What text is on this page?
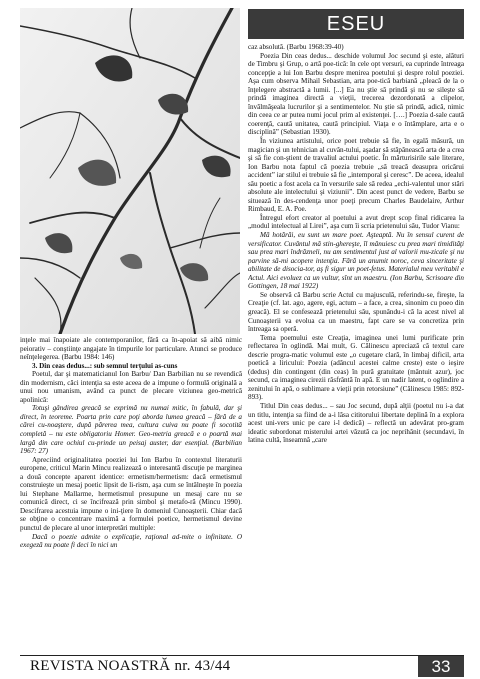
inţele mai înapoiate ale contemporanilor, fără ca în-apoiat să aibă nimic peiorativ – conştiinţe angajate în timpurile lor particulare. Atunci se produce neînţelegerea. (Barbu 1984: 146)

3. Din ceas dedus...: sub semnul terţului as-cuns

Poetul, dar şi matematicianul Ion Barbu/ Dan Barbilian nu se revendică din modernism, căci intenţia sa este aceea de a impune o formulă originală a unui nou umanism, având ca punct de plecare viziunea geo-metrică apolinică:

Totuşi gândirea greacă se exprimă nu numai mitic, în fabulă, dar şi direct, în teoreme. Poarta prin care poţi aborda lumea greacă – fără de a cărei cu-noaştere, după părerea mea, cultura cuiva nu poate fi socotită completă – nu este obligatoriu Homer. Geo-metria greacă e o poartă mai largă din care ochiul cu-prinde un peisaj auster, dar esenţial. (Barbilian 1967: 27)

Apreciind originalitatea poeziei lui Ion Barbu în contextul literaturii europene, criticul Marin Mincu realizează o interesantă discuţie pe marginea a două concepte aparent identice: ermetism/hermetism: dacă ermetismul construieşte un mesaj poetic lipsit de li-rism, aşa cum se întâlneşte în poezia lui Stephane Mallarme, hermetismul presupune un mesaj care nu se comunică direct, ci se încifrează prin simbol şi metafo-ră (Mincu 1990). Descifrarea acestuia impune o ini-ţiere în domeniul Cunoaşterii. Chiar dacă se obţine o concentrare maximă a formulei poetice, hermetismul devine punctul de plecare al unor interpretări multiple:

Dacă o poezie admite o explicaţie, raţional ad-mite o infinitate. O exegeză nu poate fi deci în nici un

ESEU

caz absolută. (Barbu 1968:39-40)

Poezia Din ceas dedus... deschide volumul Joc secund şi este, alături de Timbru şi Grup, o artă poe-tică: în cele opt versuri, ea cuprinde întreaga concepţie a lui Ion Barbu despre menirea poetului şi despre rolul poeziei. Aşa cum observa Mihail Sebastian, arta poe-tică barbiană „pleacă de la o înţelegere abstractă a lumii. [...] Ea nu ştie să prindă şi nu se sileşte să prindă imaginea directă a vieţii, trecerea dezordonată a clipelor, învălmăşeala lucrurilor şi a sentimentelor. Nu ştie să prindă, adică, nimic din ceea ce ar putea numi jocul prim al existenţei. [….] Poezia d-sale caută coerenţă, caută unitatea, caută principiul. Viaţa e o întâmplare, arta e o disciplină” (Sebastian 1930).

În viziunea artistului, orice poet trebuie să fie, în egală măsură, un magician şi un tehnician al cuvân-tului, aşadar să stăpânească arta de a crea şi să fie con-ştient de travaliul actului poetic. În mărturisirile sale literare, Ion Barbu nota faptul că poezia trebuie „să treacă deasupra oricărui accident” iar stilul ei trebuie să fie „intemporal şi ceresc”. De aceea, idealul său poetic a fost acela ca în versurile sale să redea „echi-valentul unor stări absolute ale intelectului şi viziunii”. Din acest punct de vedere, Barbu se situează în des-cendenţa unor poeţi precum Charles Baudelaire, Arthur Rimbaud, E. A. Poe.

Întregul efort creator al poetului a avut drept scop final ridicarea la „modul intelectual al Lirei”, aşa cum îi scria prietenului său, Tudor Vianu:

Mă hotărăi, eu sunt un mare poet. Aşteaptă. Nu în sensul curent de versificator. Cuvântul mă stin-ghereşte, îl mânuiesc cu prea mari timidităţi sau prea mari îndrăzneli, nu am sentimentul just al valorii mu-zicale şi nu parvine să-mi acopere intenţia. Fără un anumit noroc, ceva sinceritate şi abilitate de disocia-tor, aş fi sigur un poet-fetus. Materialul meu veritabil e Actul. Aici evoluez ca un vultur, sînt un maestru. (Ion Barbu, Scrisoare din Gottingen, 18 mai 1922)

Se observă că Barbu scrie Actul cu majusculă, referindu-se, fireşte, la Creaţie (cf. lat. ago, agere, egi, actum – a face, a crea, sinonim cu poeo din greacă). El se confesează prietenului său, spunându-i că la acest nivel al Cunoaşterii va evolua ca un maestru, fapt care se va concretiza prin întreaga sa operă.

Tema poemului este Creaţia, imaginea unei lumi purificate prin reflectarea în oglindă. Mai mult, G. Călinescu apreciază că textul care descrie progra-matic volumul este „o cugetare clară, în limbaj dificil, arta poetică a liricului: Poezia (adâncul acestei calme creste) este o ieşire (dedus) din contingent (din ceas) în pură gratuitate (mântuit azur), joc secund, ca imaginea cirezii răsfrântă în apă. E un nadir latent, o oglindire a zenitului în apă, o sublimare a vieţii prin retorsiune” (Călinescu 1985: 892-893).

Titlul Din ceas dedus... – sau Joc secund, după alţii (poetul nu i-a dat un titlu, intenţia sa fiind de a-i lăsa cititorului libertate deplină în a explora acest uni-vers unic pe care i-l dedică) – reflectă un adevărat pro-gram ideatic subordonat misterului artei văzută ca joc neprihănit (secundavi, în latina cultă, înseamnă „care

REVISTA NOASTRĂ nr. 43/44	33
